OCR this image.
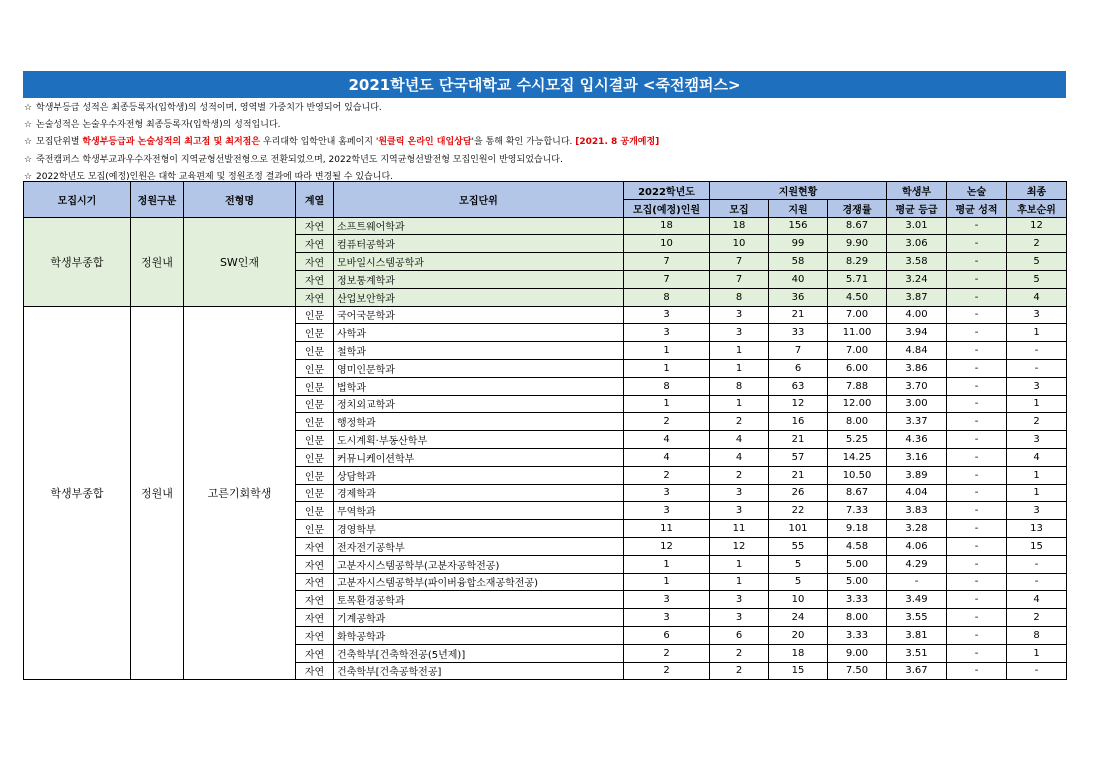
2021학년도 단국대학교 수시모집 입시결과 <죽전캠퍼스>
☆ 학생부등급 성적은 최종등록자(입학생)의 성적이며, 영역별 가중치가 반영되어 있습니다.
☆ 논술성적은 논술우수자전형 최종등록자(입학생)의 성적입니다.
☆ 모집단위별 학생부등급과 논술성적의 최고점 및 최저점은 우리대학 입학안내 홈페이지 '원클릭 온라인 대입상담'을 통해 확인 가능합니다. [2021. 8 공개예정]
☆ 죽전캠퍼스 학생부교과우수자전형이 지역균형선발전형으로 전환되었으며, 2022학년도 지역균형선발전형 모집인원이 반영되었습니다.
☆ 2022학년도 모집(예정)인원은 대학 교육편제 및 정원조정 결과에 따라 변경될 수 있습니다.
모집시기	정원구분	전형명	계열	모집단위	2022학년도	지원현황			학생부	논술	최종
					모집(예정)인원	모집	지원	경쟁률	평균 등급	평균 성적	후보순위
학생부종합	정원내	SW인재	자연	소프트웨어학과	18	18	156	8.67	3.01	-	12
			자연	컴퓨터공학과	10	10	99	9.90	3.06	-	2
			자연	모바일시스템공학과	7	7	58	8.29	3.58	-	5
			자연	정보통계학과	7	7	40	5.71	3.24	-	5
			자연	산업보안학과	8	8	36	4.50	3.87	-	4
학생부종합	정원내	고른기회학생	인문	국어국문학과	3	3	21	7.00	4.00	-	3
			인문	사학과	3	3	33	11.00	3.94	-	1
			인문	철학과	1	1	7	7.00	4.84	-	-
			인문	영미인문학과	1	1	6	6.00	3.86	-	-
			인문	법학과	8	8	63	7.88	3.70	-	3
			인문	정치외교학과	1	1	12	12.00	3.00	-	1
			인문	행정학과	2	2	16	8.00	3.37	-	2
			인문	도시계획·부동산학부	4	4	21	5.25	4.36	-	3
			인문	커뮤니케이션학부	4	4	57	14.25	3.16	-	4
			인문	상담학과	2	2	21	10.50	3.89	-	1
			인문	경제학과	3	3	26	8.67	4.04	-	1
			인문	무역학과	3	3	22	7.33	3.83	-	3
			인문	경영학부	11	11	101	9.18	3.28	-	13
			자연	전자전기공학부	12	12	55	4.58	4.06	-	15
			자연	고분자시스템공학부(고분자공학전공)	1	1	5	5.00	4.29	-	-
			자연	고분자시스템공학부(파이버융합소재공학전공)	1	1	5	5.00	-	-	-
			자연	토목환경공학과	3	3	10	3.33	3.49	-	4
			자연	기계공학과	3	3	24	8.00	3.55	-	2
			자연	화학공학과	6	6	20	3.33	3.81	-	8
			자연	건축학부[건축학전공(5년제)]	2	2	18	9.00	3.51	-	1
			자연	건축학부[건축공학전공]	2	2	15	7.50	3.67	-	-
